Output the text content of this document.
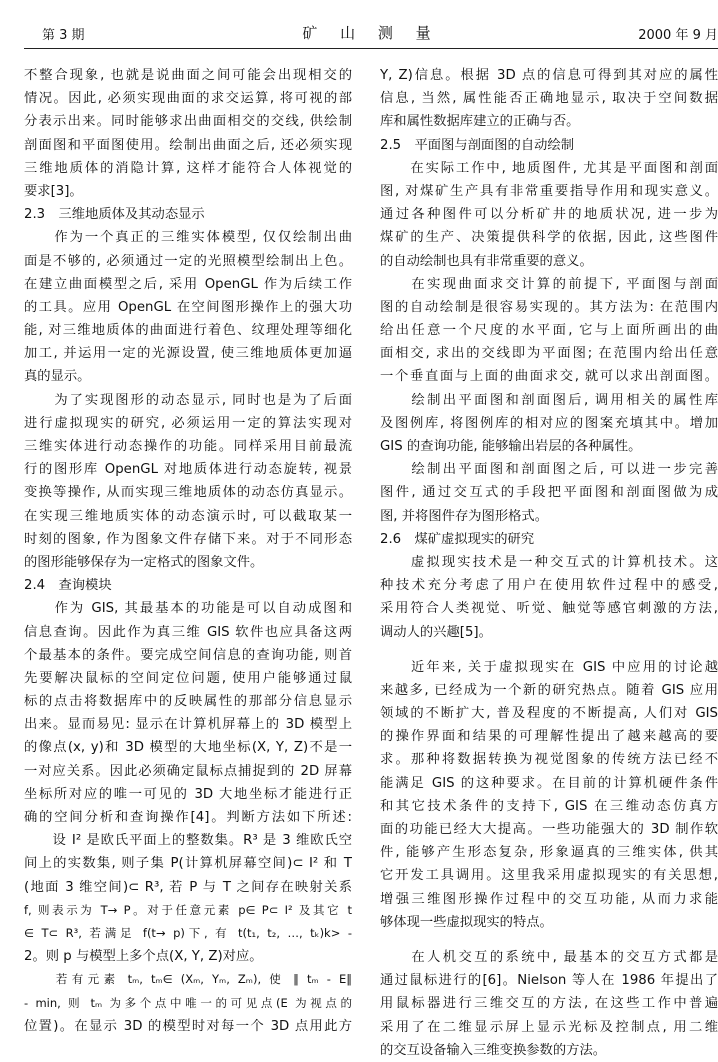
第 3 期	矿 山 测 量	2000 年 9 月
不整合现象, 也就是说曲面之间可能会出现相交的
情况。因此, 必须实现曲面的求交运算, 将可视的部
分表示出来。同时能够求出曲面相交的交线, 供绘制
剖面图和平面图使用。绘制出曲面之后, 还必须实现
三维地质体的消隐计算, 这样才能符合人体视觉的
要求[3]。
2.3　三维地质体及其动态显示
　　作为一个真正的三维实体模型, 仅仅绘制出曲
面是不够的, 必须通过一定的光照模型绘制出上色。
在建立曲面模型之后, 采用 OpenGL 作为后续工作
的工具。应用 OpenGL 在空间图形操作上的强大功
能, 对三维地质体的曲面进行着色、纹理处理等细化
加工, 并运用一定的光源设置, 使三维地质体更加逼
真的显示。
　　为了实现图形的动态显示, 同时也是为了后面
进行虚拟现实的研究, 必须运用一定的算法实现对
三维实体进行动态操作的功能。同样采用目前最流
行的图形库 OpenGL 对地质体进行动态旋转, 视景
变换等操作, 从而实现三维地质体的动态仿真显示。
在实现三维地质实体的动态演示时, 可以截取某一
时刻的图象, 作为图象文件存储下来。对于不同形态
的图形能够保存为一定格式的图象文件。
2.4　查询模块
　　作为 GIS, 其最基本的功能是可以自动成图和
信息查询。因此作为真三维 GIS 软件也应具备这两
个最基本的条件。要完成空间信息的查询功能, 则首
先要解决鼠标的空间定位问题, 使用户能够通过鼠
标的点击将数据库中的反映属性的那部分信息显示
出来。显而易见: 显示在计算机屏幕上的 3D 模型上
的像点(x, y)和 3D 模型的大地坐标(X, Y, Z)不是一
一对应关系。因此必须确定鼠标点捕捉到的 2D 屏幕
坐标所对应的唯一可见的 3D 大地坐标才能进行正
确的空间分析和查询操作[4]。判断方法如下所述:
　　设 I² 是欧氏平面上的整数集。R³ 是 3 维欧氏空
间上的实数集, 则子集 P(计算机屏幕空间)⊂ I² 和 T
(地面 3 维空间)⊂ R³, 若 P 与 T 之间存在映射关系
f, 则表示为 T→ P。对于任意元素 p∈ P⊂ I² 及其它 t
∈ T⊂ R³, 若满足 f(t→ p)下, 有 t(t₁, t₂, …, tₖ)k> -
2。则 p 与模型上多个点(X, Y, Z)对应。
　　若有元素 tₘ, tₘ∈ (Xₘ, Yₘ, Zₘ), 使 ‖ tₘ - E‖
- min, 则 tₘ 为多个点中唯一的可见点(E 为视点的
位置)。在显示 3D 的模型时对每一个 3D 点用此方
Y, Z)信息。根据 3D 点的信息可得到其对应的属性
信息, 当然, 属性能否正确地显示, 取决于空间数据
库和属性数据库建立的正确与否。
2.5　平面图与剖面图的自动绘制
　　在实际工作中, 地质图件, 尤其是平面图和剖面
图, 对煤矿生产具有非常重要指导作用和现实意义。
通过各种图件可以分析矿井的地质状况, 进一步为
煤矿的生产、决策提供科学的依据, 因此, 这些图件
的自动绘制也具有非常重要的意义。
　　在实现曲面求交计算的前提下, 平面图与剖面
图的自动绘制是很容易实现的。其方法为: 在范围内
给出任意一个尺度的水平面, 它与上面所画出的曲
面相交, 求出的交线即为平面图; 在范围内给出任意
一个垂直面与上面的曲面求交, 就可以求出剖面图。
　　绘制出平面图和剖面图后, 调用相关的属性库
及图例库, 将图例库的相对应的图案充填其中。增加
GIS 的查询功能, 能够输出岩层的各种属性。
　　绘制出平面图和剖面图之后, 可以进一步完善
图件, 通过交互式的手段把平面图和剖面图做为成
图, 并将图件存为图形格式。
2.6　煤矿虚拟现实的研究
　　虚拟现实技术是一种交互式的计算机技术。这
种技术充分考虑了用户在使用软件过程中的感受,
采用符合人类视觉、听觉、触觉等感官刺激的方法,
调动人的兴趣[5]。
　　近年来, 关于虚拟现实在 GIS 中应用的讨论越
来越多, 已经成为一个新的研究热点。随着 GIS 应用
领域的不断扩大, 普及程度的不断提高, 人们对 GIS
的操作界面和结果的可理解性提出了越来越高的要
求。那种将数据转换为视觉图象的传统方法已经不
能满足 GIS 的这种要求。在目前的计算机硬件条件
和其它技术条件的支持下, GIS 在三维动态仿真方
面的功能已经大大提高。一些功能强大的 3D 制作软
件, 能够产生形态复杂, 形象逼真的三维实体, 供其
它开发工具调用。这里我采用虚拟现实的有关思想,
增强三维图形操作过程中的交互功能, 从而力求能
够体现一些虚拟现实的特点。
　　在人机交互的系统中, 最基本的交互方式都是
通过鼠标进行的[6]。Nielson 等人在 1986 年提出了
用鼠标器进行三维交互的方法, 在这些工作中普遍
采用了在二维显示屏上显示光标及控制点, 用二维
的交互设备输入三维变换参数的方法。
